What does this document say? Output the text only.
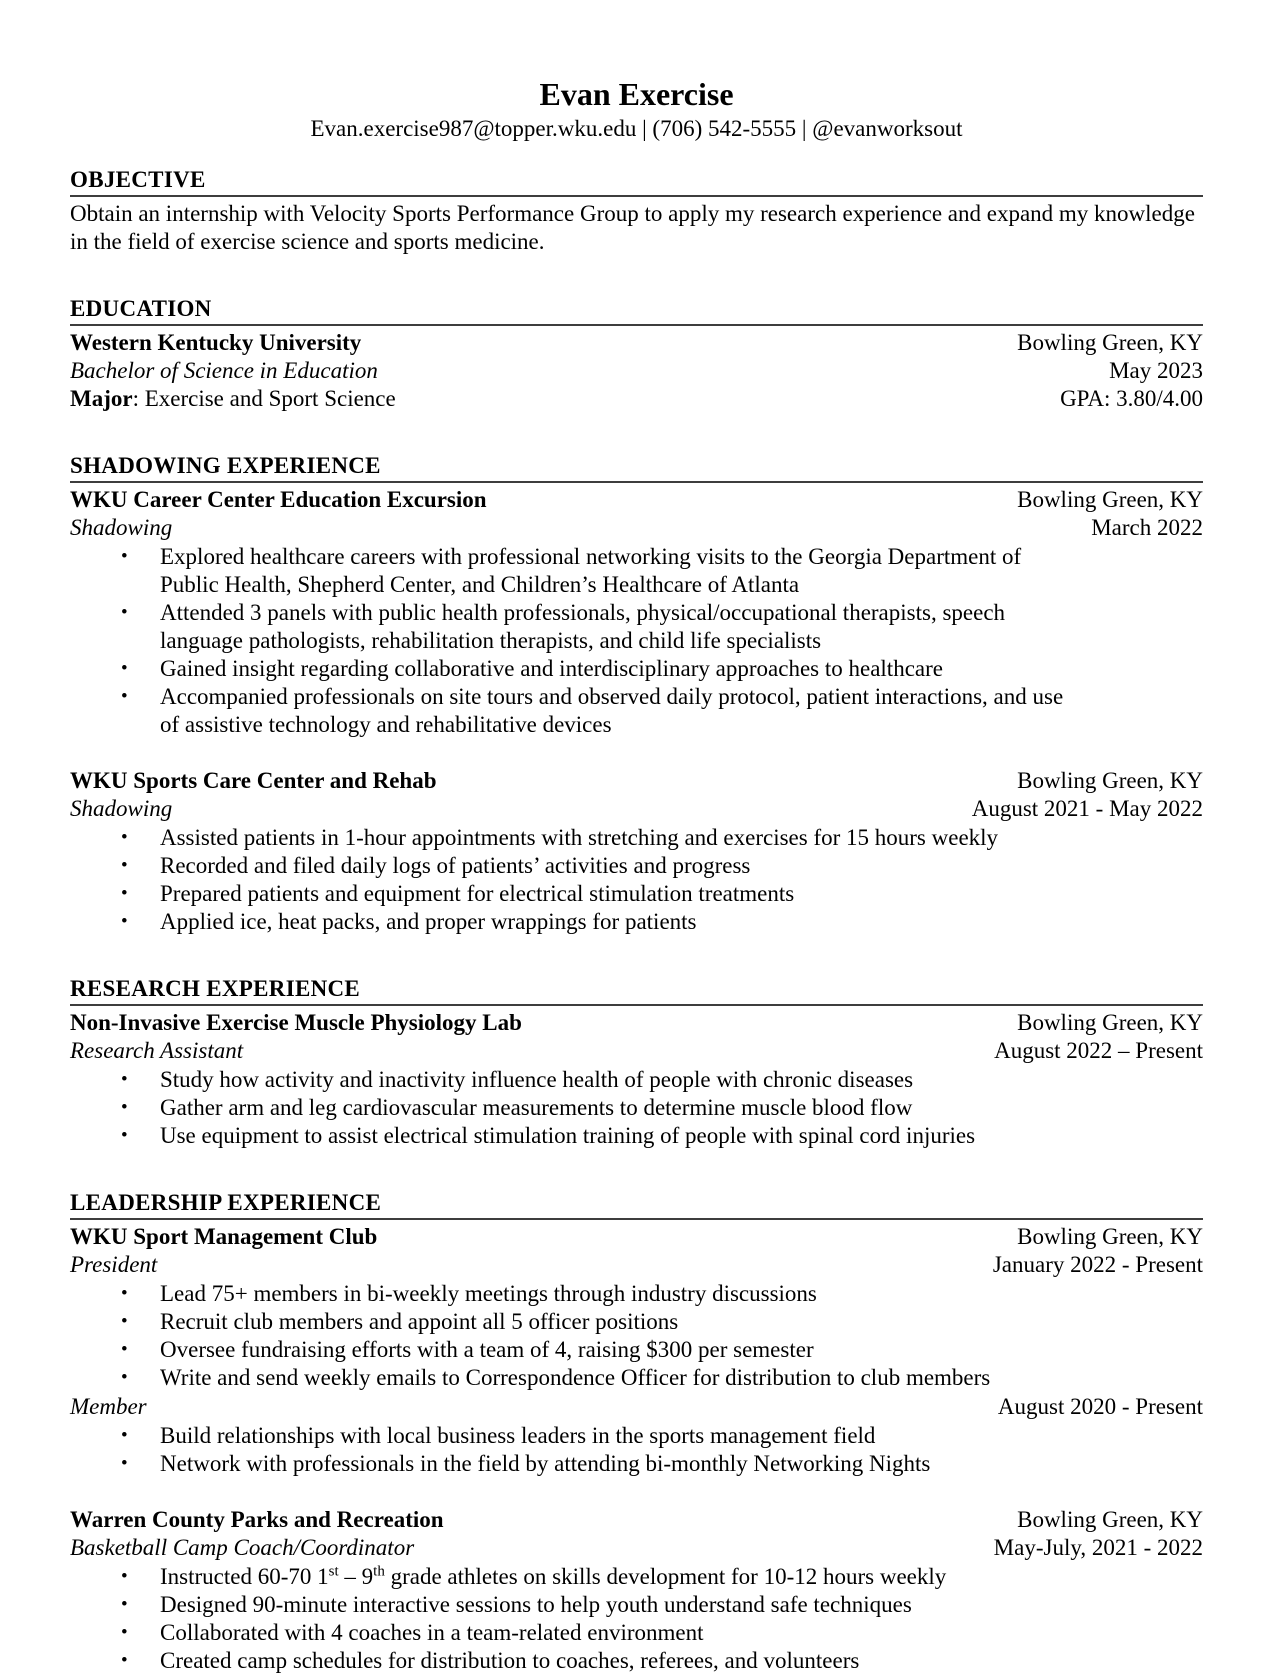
Evan Exercise
Evan.exercise987@topper.wku.edu | (706) 542-5555 | @evanworksout
OBJECTIVE

Obtain an internship with Velocity Sports Performance Group to apply my research experience and expand my knowledge in the field of exercise science and sports medicine.

EDUCATION
Western Kentucky University	Bowling Green, KY
Bachelor of Science in Education	May 2023
Major: Exercise and Sport Science	GPA: 3.80/4.00
SHADOWING EXPERIENCE
WKU Career Center Education Excursion	Bowling Green, KY
Shadowing	March 2022
•	Explored healthcare careers with professional networking visits to the Georgia Department of Public Health, Shepherd Center, and Children’s Healthcare of Atlanta
•	Attended 3 panels with public health professionals, physical/occupational therapists, speech language pathologists, rehabilitation therapists, and child life specialists
•	Gained insight regarding collaborative and interdisciplinary approaches to healthcare
•	Accompanied professionals on site tours and observed daily protocol, patient interactions, and use of assistive technology and rehabilitative devices
WKU Sports Care Center and Rehab	Bowling Green, KY
Shadowing	August 2021 - May 2022
•	Assisted patients in 1-hour appointments with stretching and exercises for 15 hours weekly
•	Recorded and filed daily logs of patients’ activities and progress
•	Prepared patients and equipment for electrical stimulation treatments
•	Applied ice, heat packs, and proper wrappings for patients
RESEARCH EXPERIENCE
Non-Invasive Exercise Muscle Physiology Lab	Bowling Green, KY
Research Assistant	August 2022 – Present
•	Study how activity and inactivity influence health of people with chronic diseases
•	Gather arm and leg cardiovascular measurements to determine muscle blood flow
•	Use equipment to assist electrical stimulation training of people with spinal cord injuries
LEADERSHIP EXPERIENCE
WKU Sport Management Club	Bowling Green, KY
President	January 2022 - Present
•	Lead 75+ members in bi-weekly meetings through industry discussions
•	Recruit club members and appoint all 5 officer positions
•	Oversee fundraising efforts with a team of 4, raising $300 per semester
•	Write and send weekly emails to Correspondence Officer for distribution to club members
Member	August 2020 - Present
•	Build relationships with local business leaders in the sports management field
•	Network with professionals in the field by attending bi-monthly Networking Nights
Warren County Parks and Recreation	Bowling Green, KY
Basketball Camp Coach/Coordinator	May-July, 2021 - 2022
•	Instructed 60-70 1st – 9th grade athletes on skills development for 10-12 hours weekly
•	Designed 90-minute interactive sessions to help youth understand safe techniques
•	Collaborated with 4 coaches in a team-related environment
•	Created camp schedules for distribution to coaches, referees, and volunteers
